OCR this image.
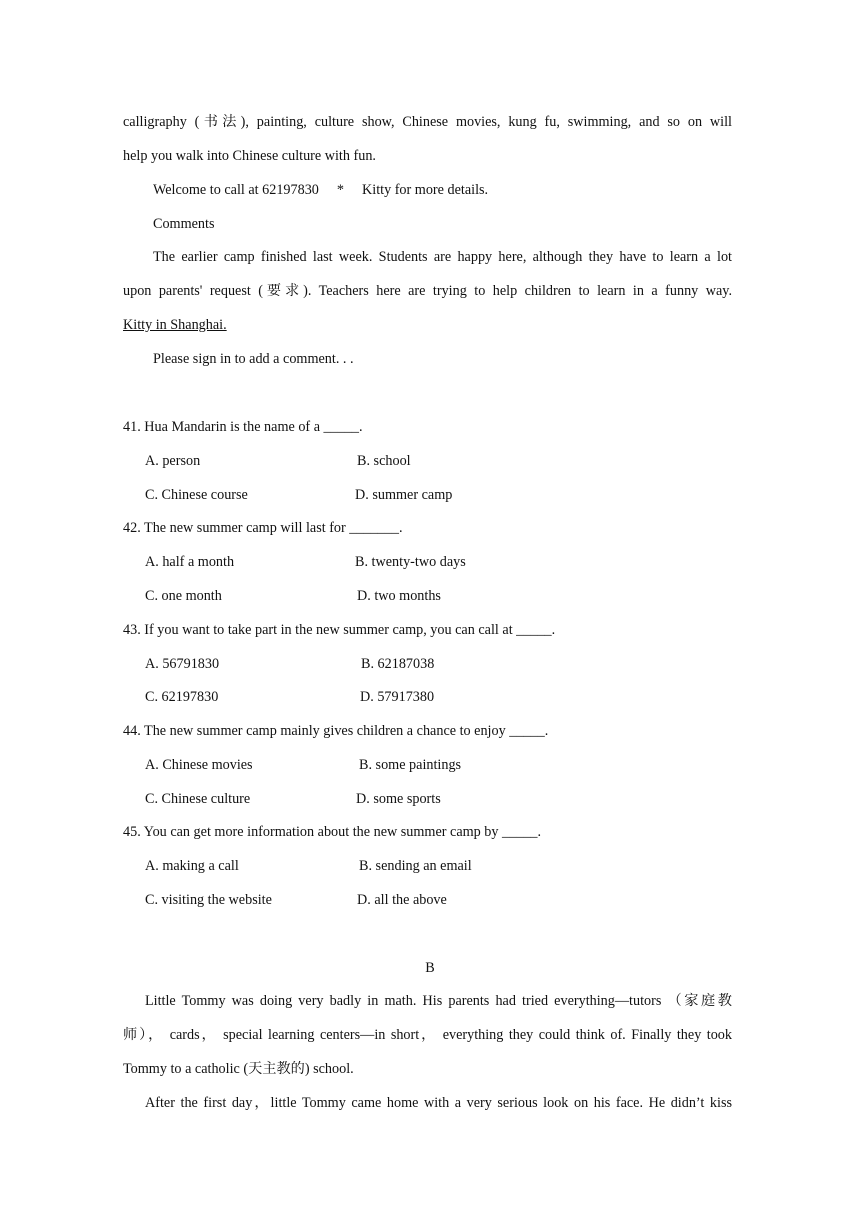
calligraphy (书法), painting, culture show, Chinese movies, kung fu, swimming, and so on will
help you walk into Chinese culture with fun.
Welcome to call at 62197830 * Kitty for more details.
Comments
The earlier camp finished last week. Students are happy here, although they have to learn a lot
upon parents' request (要求). Teachers here are trying to help children to learn in a funny way.
Kitty in Shanghai.
Please sign in to add a comment. . .
41. Hua Mandarin is the name of a _____.
A. person	B. school
C. Chinese course	D. summer camp
42. The new summer camp will last for _______.
A. half a month	B. twenty-two days
C. one month	D. two months
43. If you want to take part in the new summer camp, you can call at _____.
A. 56791830	B. 62187038
C. 62197830	D. 57917380
44. The new summer camp mainly gives children a chance to enjoy _____.
A. Chinese movies	B. some paintings
C. Chinese culture	D. some sports
45. You can get more information about the new summer camp by _____.
A. making a call	B. sending an email
C. visiting the website	D. all the above
B
Little Tommy was doing very badly in math. His parents had tried everything—tutors （家庭教
师）， cards， special learning centers—in short， everything they could think of. Finally they took
Tommy to a catholic (天主教的) school.
After the first day，little Tommy came home with a very serious look on his face. He didn’t kiss
